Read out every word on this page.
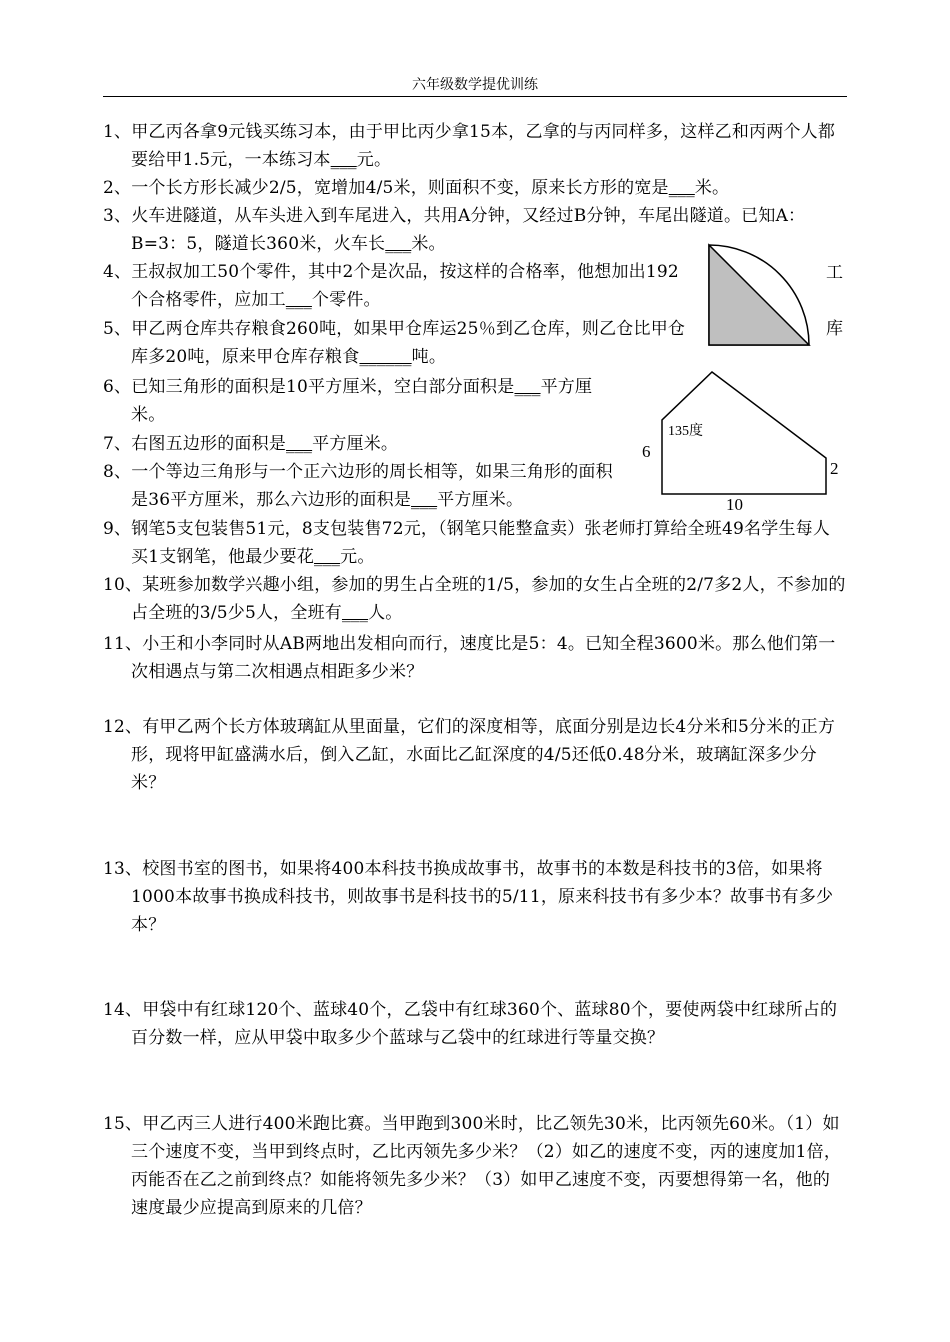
六年级数学提优训练
1、甲乙丙各拿9元钱买练习本，由于甲比丙少拿15本，乙拿的与丙同样多，这样乙和丙两个人都要给甲1.5元，一本练习本___元。
2、一个长方形长减少2/5，宽增加4/5米，则面积不变，原来长方形的宽是___米。
3、火车进隧道，从车头进入到车尾进入，共用A分钟，又经过B分钟，车尾出隧道。已知A：B=3：5，隧道长360米，火车长___米。
4、王叔叔加工50个零件，其中2个是次品，按这样的合格率，他想加出192个合格零件，应加工___个零件。
5、甲乙两仓库共存粮食260吨，如果甲仓库运25％到乙仓库，则乙仓比甲仓库多20吨，原来甲仓库存粮食______吨。
6、已知三角形的面积是10平方厘米，空白部分面积是___平方厘米。
7、右图五边形的面积是___平方厘米。
8、一个等边三角形与一个正六边形的周长相等，如果三角形的面积是36平方厘米，那么六边形的面积是___平方厘米。
9、钢笔5支包装售51元，8支包装售72元，（钢笔只能整盒卖）张老师打算给全班49名学生每人买1支钢笔，他最少要花___元。
10、某班参加数学兴趣小组，参加的男生占全班的1/5，参加的女生占全班的2/7多2人，不参加的占全班的3/5少5人，全班有___人。
11、小王和小李同时从AB两地出发相向而行，速度比是5：4。已知全程3600米。那么他们第一次相遇点与第二次相遇点相距多少米？
12、有甲乙两个长方体玻璃缸从里面量，它们的深度相等，底面分别是边长4分米和5分米的正方形，现将甲缸盛满水后，倒入乙缸，水面比乙缸深度的4/5还低0.48分米，玻璃缸深多少分米？
13、校图书室的图书，如果将400本科技书换成故事书，故事书的本数是科技书的3倍，如果将1000本故事书换成科技书，则故事书是科技书的5/11，原来科技书有多少本？故事书有多少本？
14、甲袋中有红球120个、蓝球40个，乙袋中有红球360个、蓝球80个，要使两袋中红球所占的百分数一样，应从甲袋中取多少个蓝球与乙袋中的红球进行等量交换？
15、甲乙丙三人进行400米跑比赛。当甲跑到300米时，比乙领先30米，比丙领先60米。（1）如三个速度不变，当甲到终点时，乙比丙领先多少米？（2）如乙的速度不变，丙的速度加1倍，丙能否在乙之前到终点？如能将领先多少米？（3）如甲乙速度不变，丙要想得第一名，他的速度最少应提高到原来的几倍？
工
库
135度
6
2
10
